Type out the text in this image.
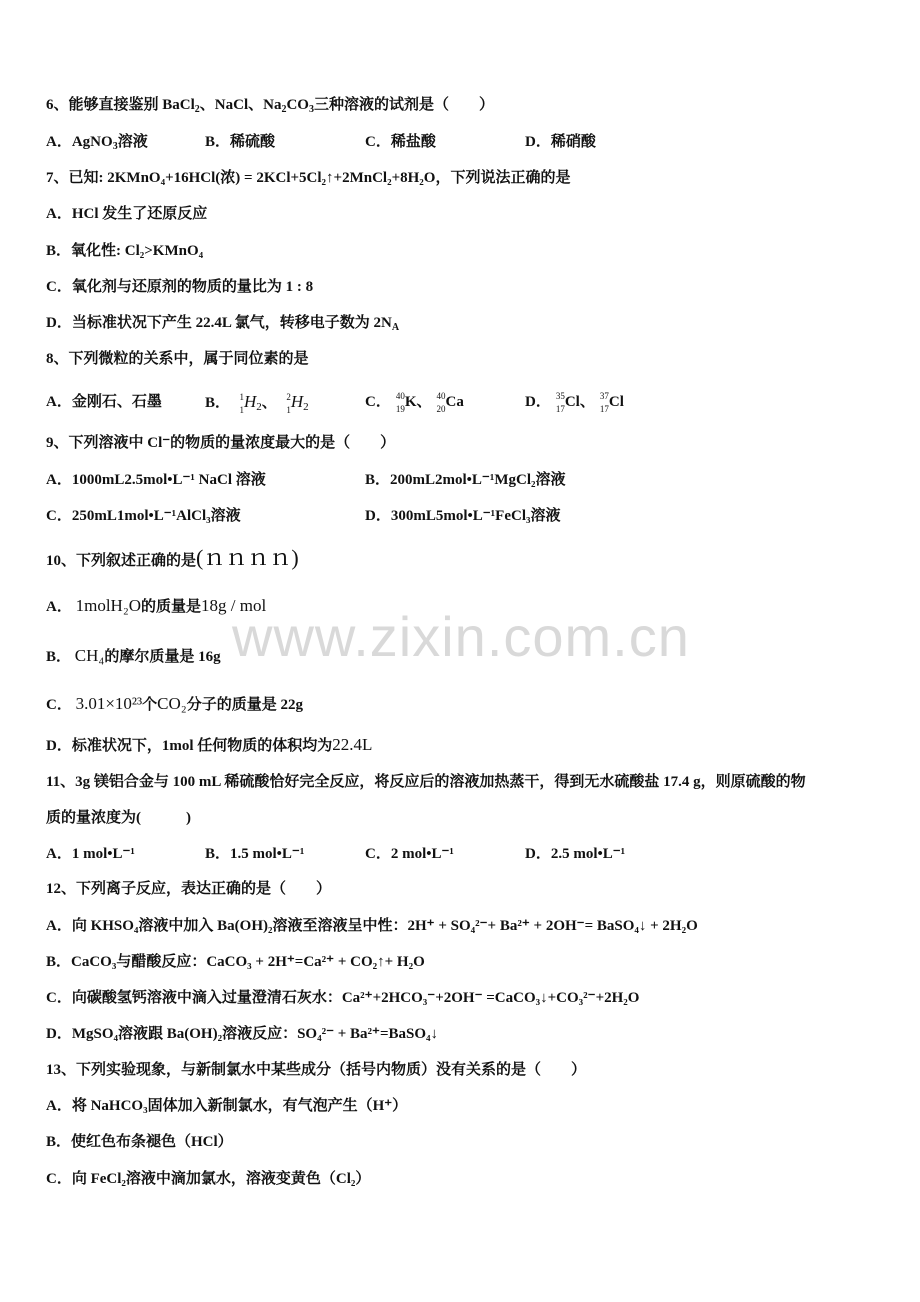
www.zixin.com.cn
6、能够直接鉴别 BaCl$_2$、NaCl、$Na_2CO_3$三种溶液的试剂是（　　）
A．AgNO$_3$溶液	B．稀硫酸	C．稀盐酸	D．稀硝酸
7、已知: 2KMnO₄+16HCl(浓) = 2KCl+5Cl₂↑+2MnCl₂+8H₂O，下列说法正确的是
A．HCl 发生了还原反应
B．氧化性: Cl₂>KMnO₄
C．氧化剂与还原剂的物质的量比为 1 : 8
D．当标准状况下产生 22.4L 氯气，转移电子数为 $2N_A$
8、下列微粒的关系中，属于同位素的是
A．金刚石、石墨	B． 1
1 $H_2$、 2
1 $H_2$	C． 40
19 K、 40
20 Ca	D． 35
17 Cl、 37
17 Cl
9、下列溶液中 Cl⁻的物质的量浓度最大的是（　　）
A．1000mL2.5mol•L⁻¹ NaCl 溶液	B．200mL2mol•L⁻¹MgCl₂溶液
C．250mL1mol•L⁻¹AlCl₃溶液	D．300mL5mol•L⁻¹FeCl₃溶液
10、下列叙述正确的是(ｎｎｎｎ)
A． 1molH₂O的质量是18g / mol
B． CH₄的摩尔质量是 16g
C． 3.01×10²³个CO₂分子的质量是 22g
D．标准状况下，1mol 任何物质的体积均为22.4L
11、3g 镁铝合金与 100 mL 稀硫酸恰好完全反应，将反应后的溶液加热蒸干，得到无水硫酸盐 17.4 g，则原硫酸的物
质的量浓度为(　　　)
A．1 mol•L⁻¹	B．1.5 mol•L⁻¹	C．2 mol•L⁻¹	D．2.5 mol•L⁻¹
12、下列离子反应，表达正确的是（　　）
A．向 KHSO₄溶液中加入 Ba(OH)₂溶液至溶液呈中性：2H⁺ + SO₄²⁻+ Ba²⁺ + 2OH⁻= BaSO₄↓ + 2H₂O
B．CaCO₃与醋酸反应：CaCO₃ + 2H⁺=Ca²⁺ + CO₂↑+ H₂O
C．向碳酸氢钙溶液中滴入过量澄清石灰水：Ca²⁺+2HCO₃⁻+2OH⁻ =CaCO₃↓+CO₃²⁻+2H₂O
D．MgSO₄溶液跟 Ba(OH)₂溶液反应：SO₄²⁻ + Ba²⁺=BaSO₄↓
13、下列实验现象，与新制氯水中某些成分（括号内物质）没有关系的是（　　）
A．将 NaHCO₃固体加入新制氯水，有气泡产生（H⁺）
B．使红色布条褪色（HCl）
C．向 FeCl₂溶液中滴加氯水，溶液变黄色（Cl₂）
